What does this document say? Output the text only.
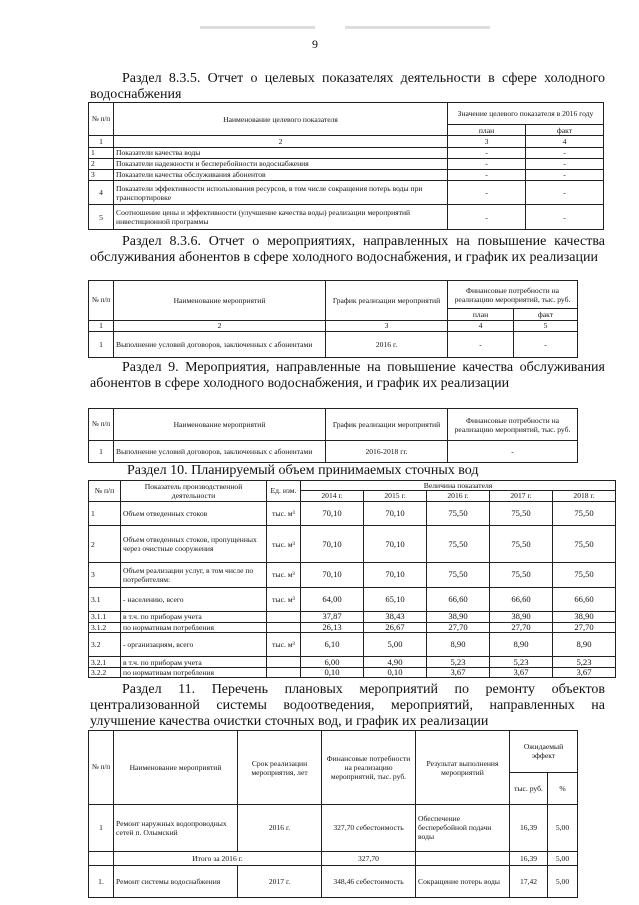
9
Раздел 8.3.5. Отчет о целевых показателях деятельности в сфере холодного водоснабжения
№ п/п	Наименование целевого показателя	Значение целевого показателя в 2016 году	
		план	факт
1	2	3	4
1	Показатели качества воды	-	-
2	Показатели надежности и бесперебойности водоснабжения	-	-
3	Показатели качества обслуживания абонентов	-	-
4	Показатели эффективности использования ресурсов, в том числе сокращения потерь воды при транспортировке	-	-
5	Соотношение цены и эффективности (улучшение качества воды) реализации мероприятий инвестиционной программы	-	-
Раздел 8.3.6. Отчет о мероприятиях, направленных на повышение качества обслуживания абонентов в сфере холодного водоснабжения, и график их реализации
№ п/п	Наименование мероприятий	График реализации мероприятий	Финансовые потребности на реализацию мероприятий, тыс. руб.	
			план	факт
1	2	3	4	5
1	Выполнение условий договоров, заключенных с абонентами	2016 г.	-	-
Раздел 9. Мероприятия, направленные на повышение качества обслуживания абонентов в сфере холодного водоснабжения, и график их реализации
№ п/п	Наименование мероприятий	График реализации мероприятий	Финансовые потребности на реализацию мероприятий, тыс. руб.
1	Выполнение условий договоров, заключенных с абонентами	2016-2018 гг.	-
Раздел 10. Планируемый объем принимаемых сточных вод
№ п/п	Показатель производственной деятельности	Ед. изм.	Величина показателя				
			2014 г.	2015 г.	2016 г.	2017 г.	2018 г.
1	Объем отведенных стоков	тыс. м³	70,10	70,10	75,50	75,50	75,50
2	Объем отведенных стоков, пропущенных через очистные сооружения	тыс. м³	70,10	70,10	75,50	75,50	75,50
3	Объем реализации услуг, в том числе по потребителям:	тыс. м³	70,10	70,10	75,50	75,50	75,50
3.1	- населению, всего	тыс. м³	64,00	65,10	66,60	66,60	66,60
3.1.1	в т.ч. по приборам учета		37,87	38,43	38,90	38,90	38,90
3.1.2	по нормативам потребления		26,13	26,67	27,70	27,70	27,70
3.2	- организациям, всего	тыс. м³	6,10	5,00	8,90	8,90	8,90
3.2.1	в т.ч. по приборам учета		6,00	4,90	5,23	5,23	5,23
3.2.2	по нормативам потребления		0,10	0,10	3,67	3,67	3,67
Раздел 11. Перечень плановых мероприятий по ремонту объектов централизованной системы водоотведения, мероприятий, направленных на улучшение качества очистки сточных вод, и график их реализации
№ п/п	Наименование мероприятий	Срок реализации мероприятия, лет	Финансовые потребности на реализацию мероприятий, тыс. руб.	Результат выполнения мероприятий	Ожидаемый эффект	
					тыс. руб.	%
1	Ремонт наружных водопроводных сетей п. Олымский	2016 г.	327,70 себестоимость	Обеспечение бесперебойной подачи воды	16,39	5,00
	Итого за 2016 г.		327,70		16,39	5,00
1.	Ремонт системы водоснабжения	2017 г.	348,46 себестоимость	Сокращение потерь воды	17,42	5,00
